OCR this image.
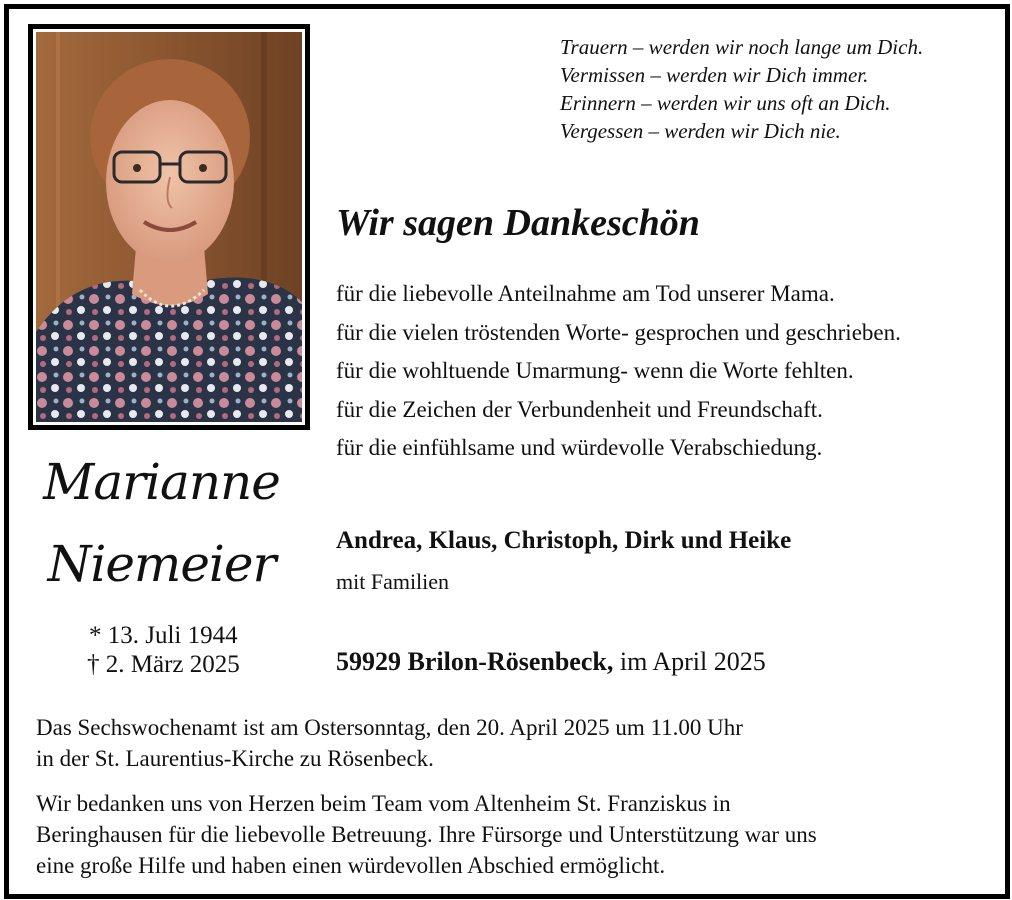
Marianne
Niemeier
* 13. Juli 1944
† 2. März 2025
Trauern – werden wir noch lange um Dich.
Vermissen – werden wir Dich immer.
Erinnern – werden wir uns oft an Dich.
Vergessen – werden wir Dich nie.
Wir sagen Dankeschön
für die liebevolle Anteilnahme am Tod unserer Mama.
für die vielen tröstenden Worte- gesprochen und geschrieben.
für die wohltuende Umarmung- wenn die Worte fehlten.
für die Zeichen der Verbundenheit und Freundschaft.
für die einfühlsame und würdevolle Verabschiedung.
Andrea, Klaus, Christoph, Dirk und Heike
mit Familien
59929 Brilon-Rösenbeck, im April 2025
Das Sechswochenamt ist am Ostersonntag, den 20. April 2025 um 11.00 Uhr
in der St. Laurentius-Kirche zu Rösenbeck.
Wir bedanken uns von Herzen beim Team vom Altenheim St. Franziskus in
Beringhausen für die liebevolle Betreuung. Ihre Fürsorge und Unterstützung war uns
eine große Hilfe und haben einen würdevollen Abschied ermöglicht.
